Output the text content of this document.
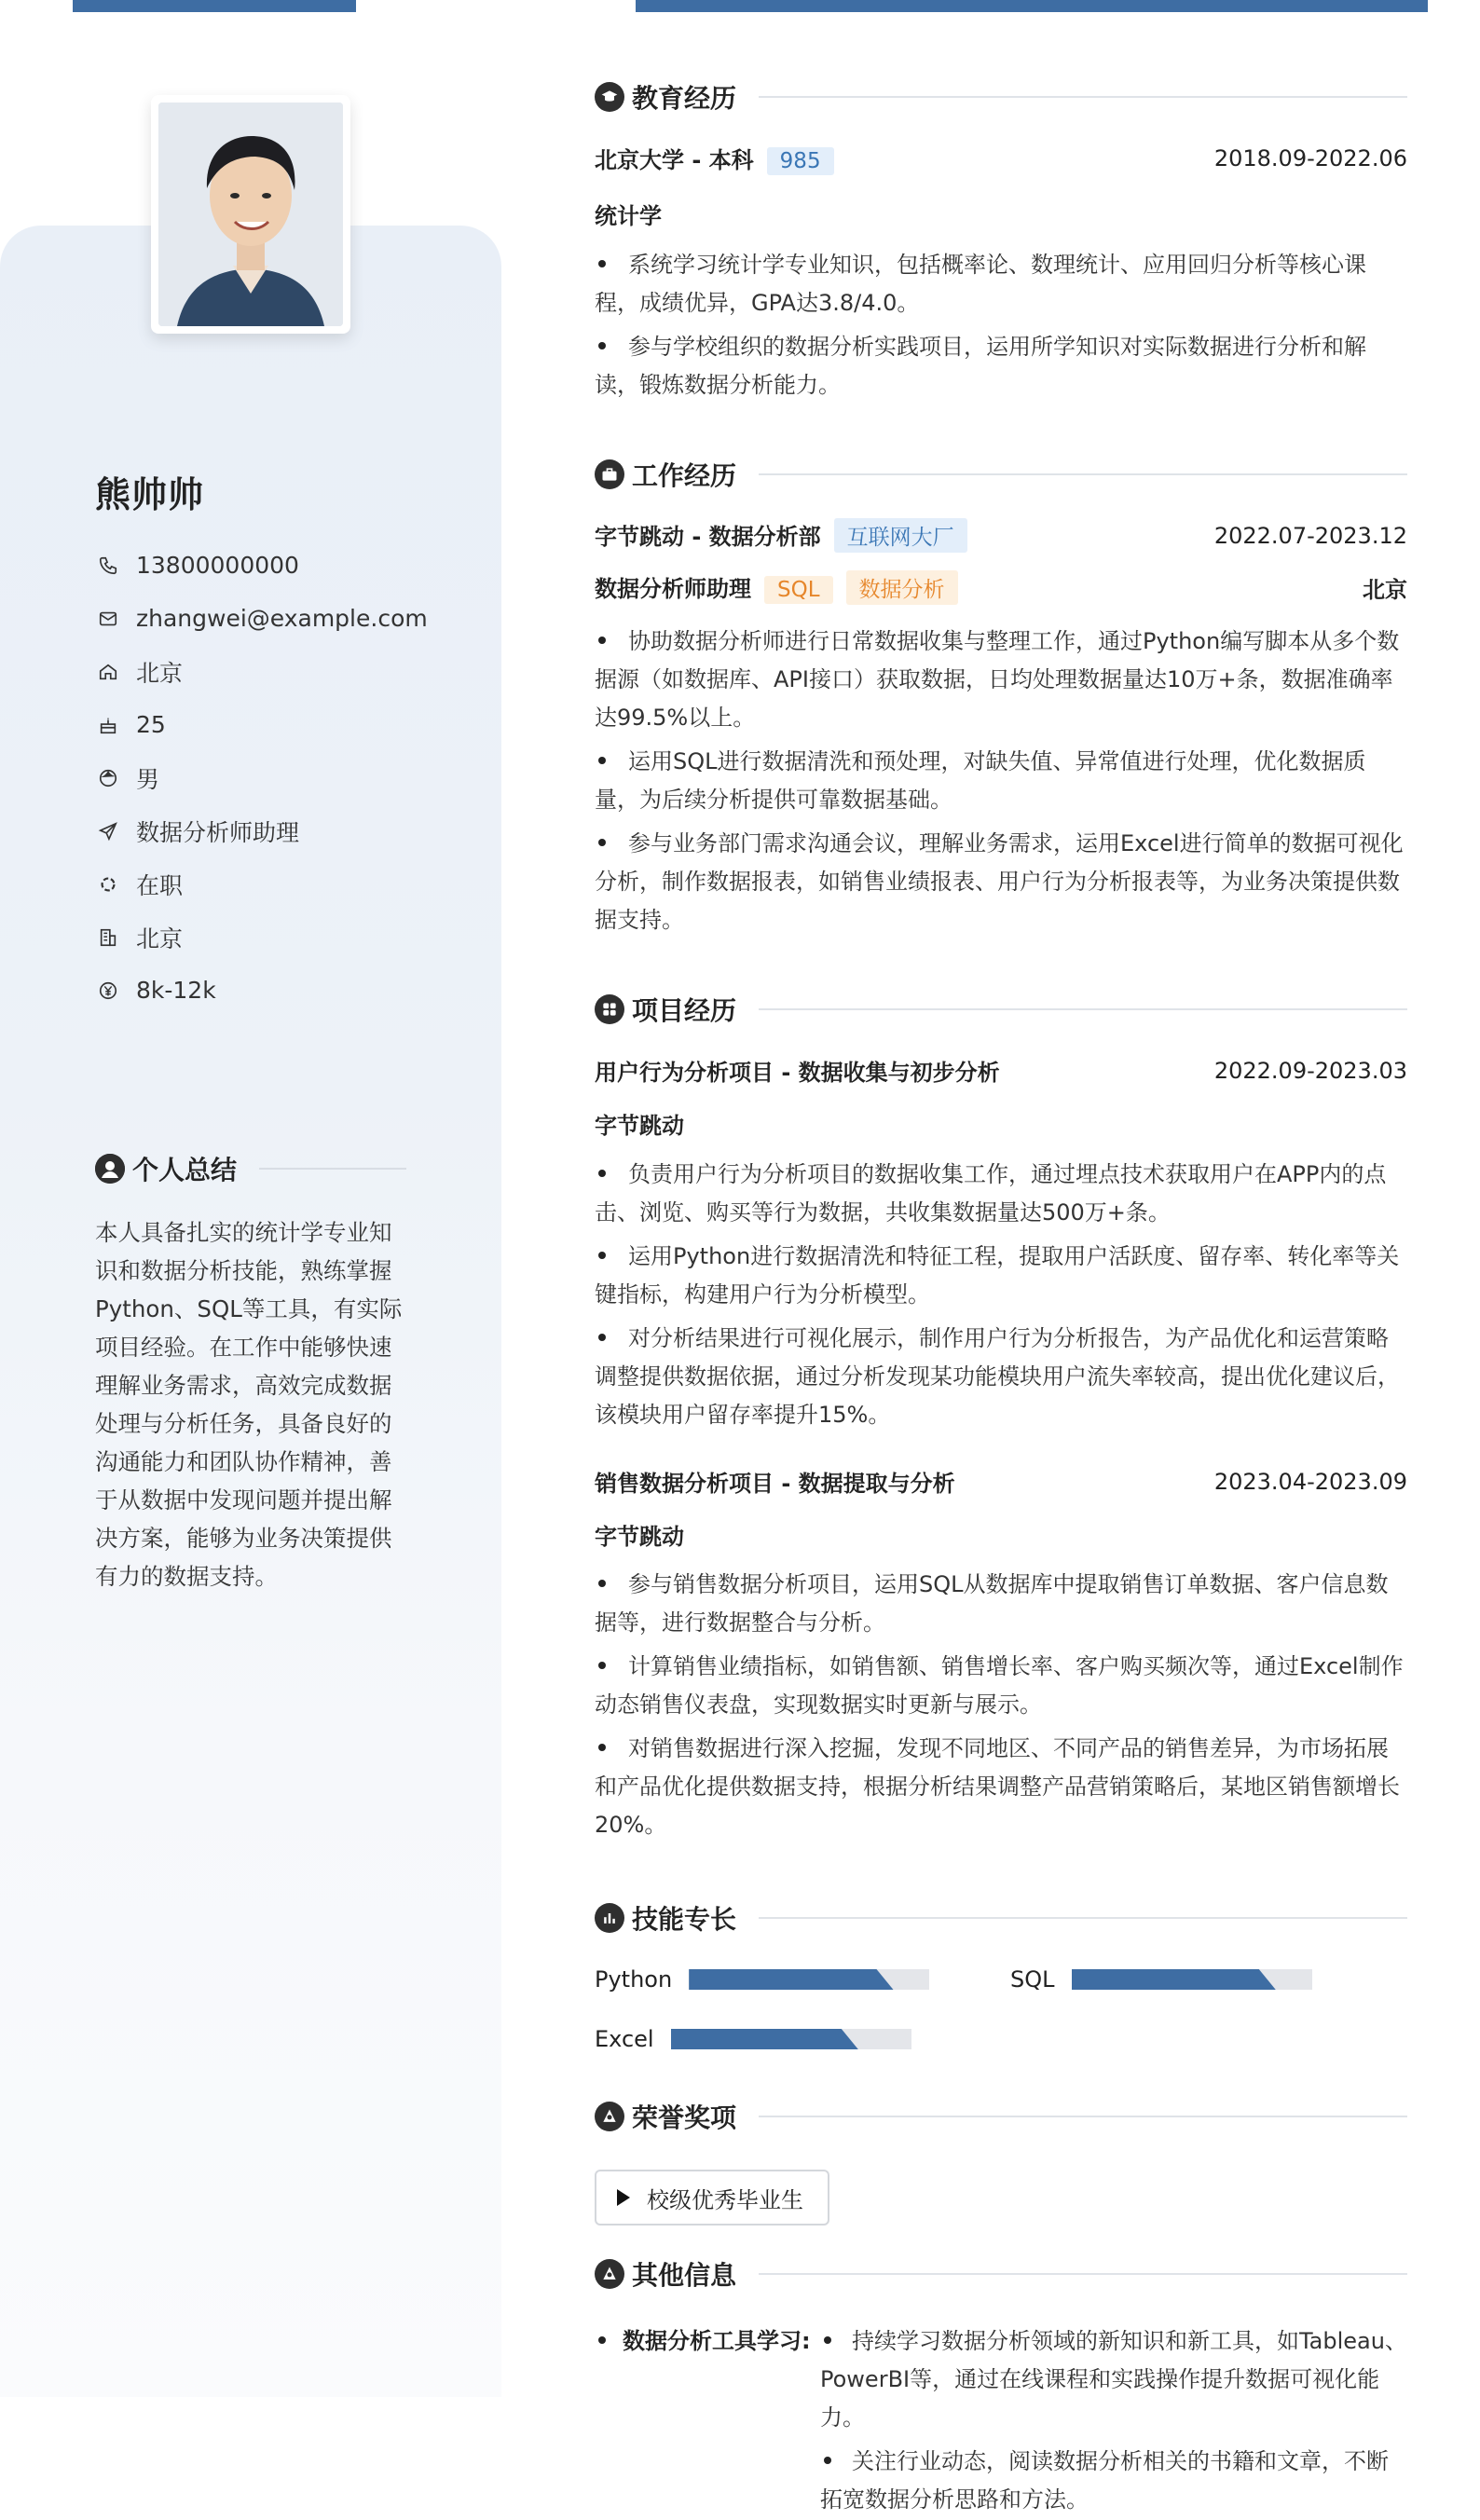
熊帅帅
13800000000
zhangwei@example.com
北京
25
男
数据分析师助理
在职
北京
8k-12k
个人总结
本人具备扎实的统计学专业知识和数据分析技能，熟练掌握Python、SQL等工具，有实际项目经验。在工作中能够快速理解业务需求，高效完成数据处理与分析任务，具备良好的沟通能力和团队协作精神，善于从数据中发现问题并提出解决方案，能够为业务决策提供有力的数据支持。
教育经历
北京大学 - 本科 985	2018.09-2022.06
统计学
系统学习统计学专业知识，包括概率论、数理统计、应用回归分析等核心课程，成绩优异，GPA达3.8/4.0。
参与学校组织的数据分析实践项目，运用所学知识对实际数据进行分析和解读，锻炼数据分析能力。
工作经历
字节跳动 - 数据分析部 互联网大厂	2022.07-2023.12
数据分析师助理 SQL 数据分析	北京
协助数据分析师进行日常数据收集与整理工作，通过Python编写脚本从多个数据源（如数据库、API接口）获取数据，日均处理数据量达10万+条，数据准确率达99.5%以上。
运用SQL进行数据清洗和预处理，对缺失值、异常值进行处理，优化数据质量，为后续分析提供可靠数据基础。
参与业务部门需求沟通会议，理解业务需求，运用Excel进行简单的数据可视化分析，制作数据报表，如销售业绩报表、用户行为分析报表等，为业务决策提供数据支持。
项目经历
用户行为分析项目 - 数据收集与初步分析	2022.09-2023.03
字节跳动
负责用户行为分析项目的数据收集工作，通过埋点技术获取用户在APP内的点击、浏览、购买等行为数据，共收集数据量达500万+条。
运用Python进行数据清洗和特征工程，提取用户活跃度、留存率、转化率等关键指标，构建用户行为分析模型。
对分析结果进行可视化展示，制作用户行为分析报告，为产品优化和运营策略调整提供数据依据，通过分析发现某功能模块用户流失率较高，提出优化建议后，该模块用户留存率提升15%。
销售数据分析项目 - 数据提取与分析	2023.04-2023.09
字节跳动
参与销售数据分析项目，运用SQL从数据库中提取销售订单数据、客户信息数据等，进行数据整合与分析。
计算销售业绩指标，如销售额、销售增长率、客户购买频次等，通过Excel制作动态销售仪表盘，实现数据实时更新与展示。
对销售数据进行深入挖掘，发现不同地区、不同产品的销售差异，为市场拓展和产品优化提供数据支持，根据分析结果调整产品营销策略后，某地区销售额增长20%。
技能专长
Python	SQL
Excel
荣誉奖项
校级优秀毕业生
其他信息
数据分析工具学习:	持续学习数据分析领域的新知识和新工具，如Tableau、PowerBI等，通过在线课程和实践操作提升数据可视化能力。
关注行业动态，阅读数据分析相关的书籍和文章，不断拓宽数据分析思路和方法。
